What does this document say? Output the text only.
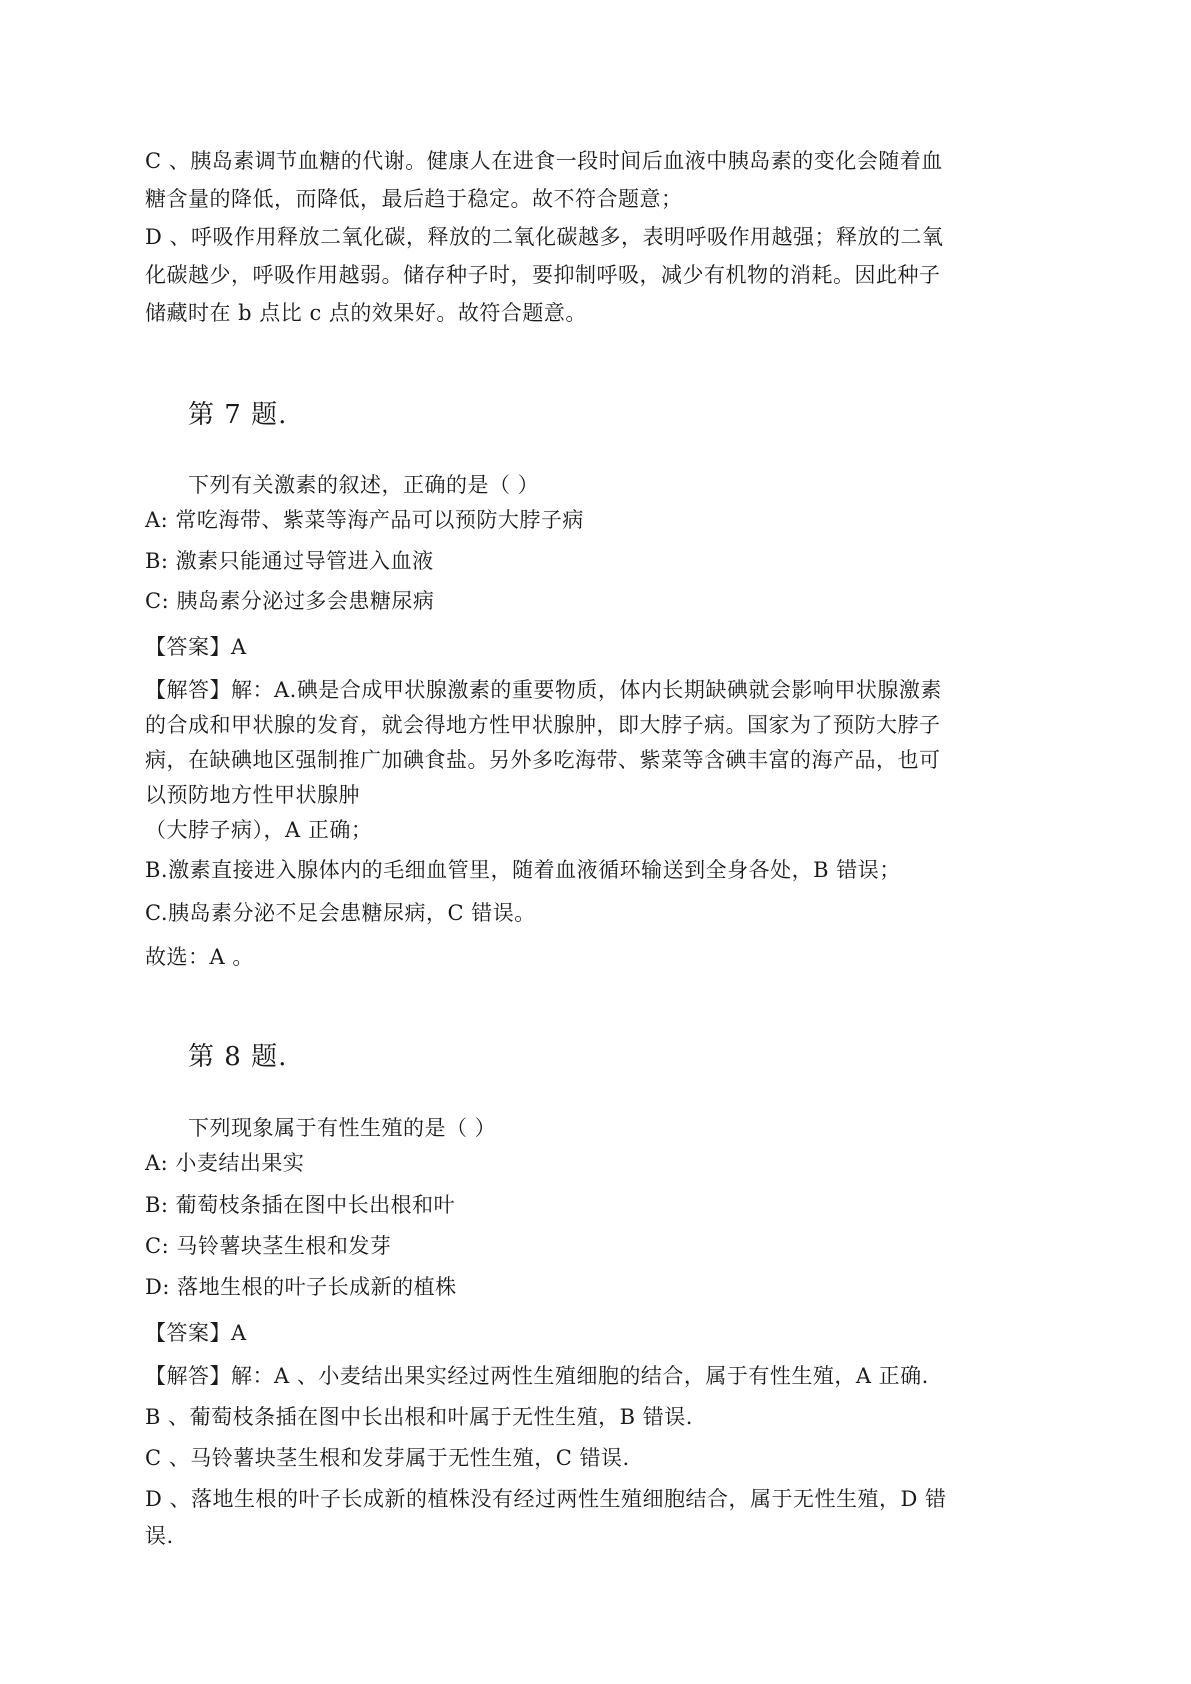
C 、胰岛素调节血糖的代谢。健康人在进食一段时间后血液中胰岛素的变化会随着血
糖含量的降低，而降低，最后趋于稳定。故不符合题意；
D 、呼吸作用释放二氧化碳，释放的二氧化碳越多，表明呼吸作用越强；释放的二氧
化碳越少，呼吸作用越弱。储存种子时，要抑制呼吸，减少有机物的消耗。因此种子
储藏时在 b 点比 c 点的效果好。故符合题意。
第 7 题.
下列有关激素的叙述，正确的是（ ）
A: 常吃海带、紫菜等海产品可以预防大脖子病
B: 激素只能通过导管进入血液
C: 胰岛素分泌过多会患糖尿病
【答案】A
【解答】解：A.碘是合成甲状腺激素的重要物质，体内长期缺碘就会影响甲状腺激素
的合成和甲状腺的发育，就会得地方性甲状腺肿，即大脖子病。国家为了预防大脖子
病，在缺碘地区强制推广加碘食盐。另外多吃海带、紫菜等含碘丰富的海产品，也可
以预防地方性甲状腺肿
（大脖子病），A 正确；
B.激素直接进入腺体内的毛细血管里，随着血液循环输送到全身各处，B 错误；
C.胰岛素分泌不足会患糖尿病，C 错误。
故选：A 。
第 8 题.
下列现象属于有性生殖的是（ ）
A: 小麦结出果实
B: 葡萄枝条插在图中长出根和叶
C: 马铃薯块茎生根和发芽
D: 落地生根的叶子长成新的植株
【答案】A
【解答】解：A 、小麦结出果实经过两性生殖细胞的结合，属于有性生殖，A 正确.
B 、葡萄枝条插在图中长出根和叶属于无性生殖，B 错误.
C 、马铃薯块茎生根和发芽属于无性生殖，C 错误.
D 、落地生根的叶子长成新的植株没有经过两性生殖细胞结合，属于无性生殖，D 错
误.
